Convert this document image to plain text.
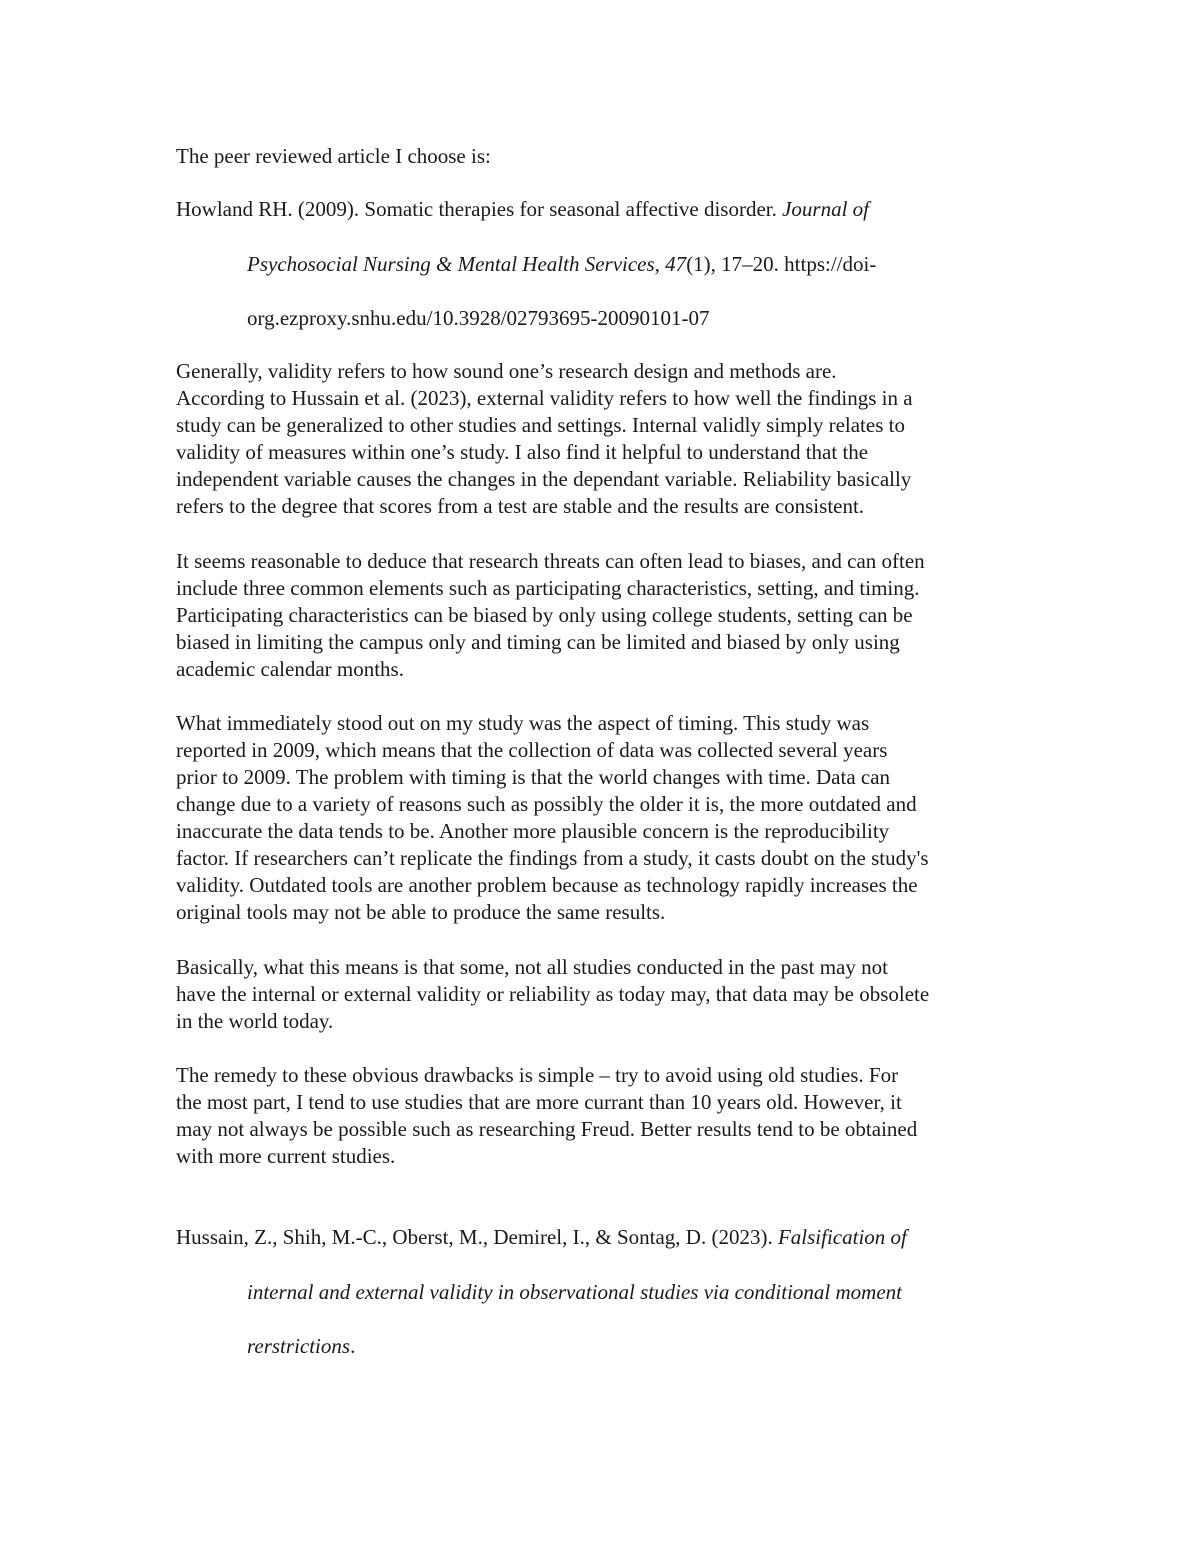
The peer reviewed article I choose is:
Howland RH. (2009). Somatic therapies for seasonal affective disorder. Journal of
Psychosocial Nursing & Mental Health Services, 47(1), 17–20. https://doi-
org.ezproxy.snhu.edu/10.3928/02793695-20090101-07
Generally, validity refers to how sound one’s research design and methods are.
According to Hussain et al. (2023), external validity refers to how well the findings in a
study can be generalized to other studies and settings. Internal validly simply relates to
validity of measures within one’s study. I also find it helpful to understand that the
independent variable causes the changes in the dependant variable. Reliability basically
refers to the degree that scores from a test are stable and the results are consistent.
It seems reasonable to deduce that research threats can often lead to biases, and can often
include three common elements such as participating characteristics, setting, and timing.
Participating characteristics can be biased by only using college students, setting can be
biased in limiting the campus only and timing can be limited and biased by only using
academic calendar months.
What immediately stood out on my study was the aspect of timing. This study was
reported in 2009, which means that the collection of data was collected several years
prior to 2009. The problem with timing is that the world changes with time. Data can
change due to a variety of reasons such as possibly the older it is, the more outdated and
inaccurate the data tends to be. Another more plausible concern is the reproducibility
factor. If researchers can’t replicate the findings from a study, it casts doubt on the study's
validity. Outdated tools are another problem because as technology rapidly increases the
original tools may not be able to produce the same results.
Basically, what this means is that some, not all studies conducted in the past may not
have the internal or external validity or reliability as today may, that data may be obsolete
in the world today.
The remedy to these obvious drawbacks is simple – try to avoid using old studies. For
the most part, I tend to use studies that are more currant than 10 years old. However, it
may not always be possible such as researching Freud. Better results tend to be obtained
with more current studies.
Hussain, Z., Shih, M.-C., Oberst, M., Demirel, I., & Sontag, D. (2023). Falsification of
internal and external validity in observational studies via conditional moment
rerstrictions.
